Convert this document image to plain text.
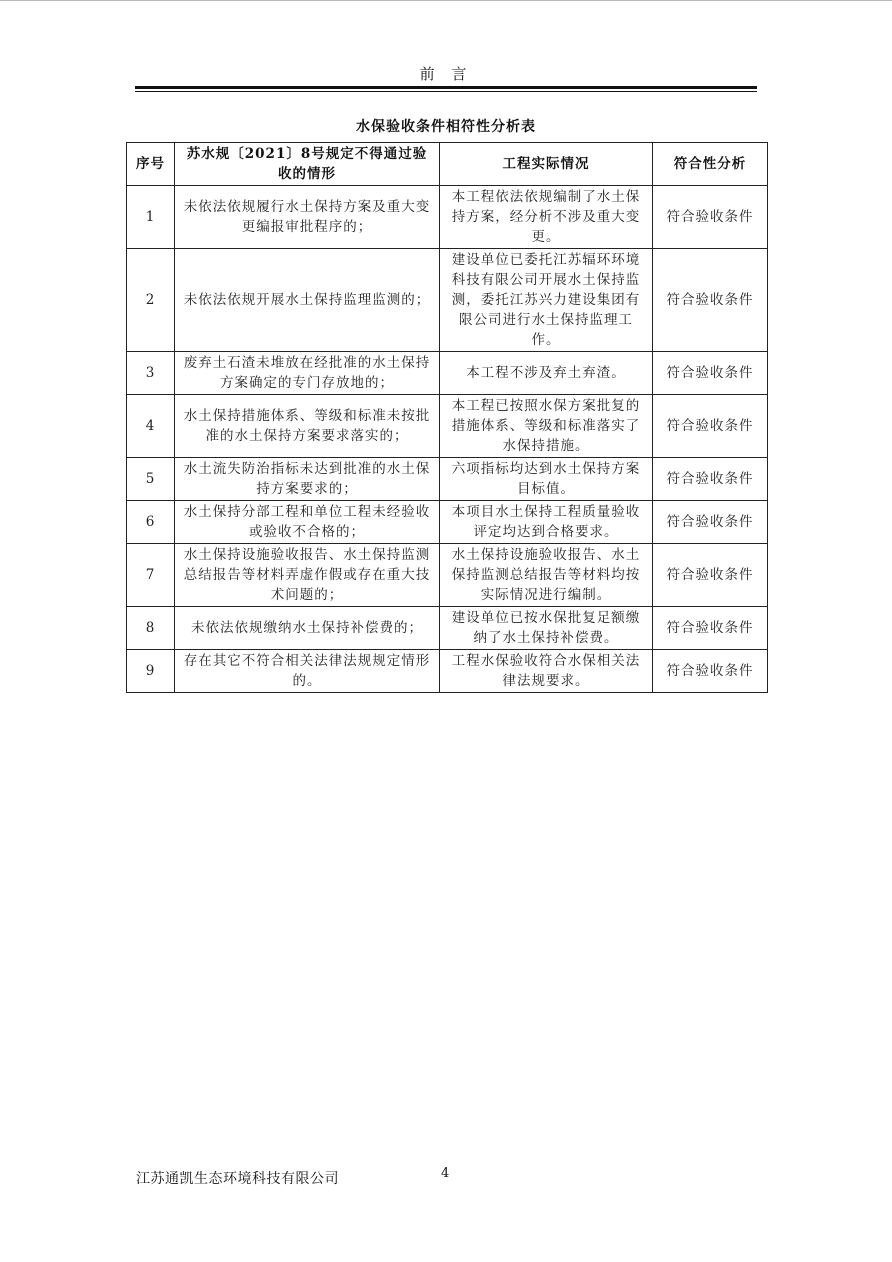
前 言
水保验收条件相符性分析表
序号	苏水规〔2021〕8号规定不得通过验收的情形	工程实际情况	符合性分析
1	未依法依规履行水土保持方案及重大变更编报审批程序的；	本工程依法依规编制了水土保持方案，经分析不涉及重大变更。	符合验收条件
2	未依法依规开展水土保持监理监测的；	建设单位已委托江苏辐环环境科技有限公司开展水土保持监测，委托江苏兴力建设集团有限公司进行水土保持监理工作。	符合验收条件
3	废弃土石渣未堆放在经批准的水土保持方案确定的专门存放地的；	本工程不涉及弃土弃渣。	符合验收条件
4	水土保持措施体系、等级和标准未按批准的水土保持方案要求落实的；	本工程已按照水保方案批复的措施体系、等级和标准落实了水保持措施。	符合验收条件
5	水土流失防治指标未达到批准的水土保持方案要求的；	六项指标均达到水土保持方案目标值。	符合验收条件
6	水土保持分部工程和单位工程未经验收或验收不合格的；	本项目水土保持工程质量验收评定均达到合格要求。	符合验收条件
7	水土保持设施验收报告、水土保持监测总结报告等材料弄虚作假或存在重大技术问题的；	水土保持设施验收报告、水土保持监测总结报告等材料均按实际情况进行编制。	符合验收条件
8	未依法依规缴纳水土保持补偿费的；	建设单位已按水保批复足额缴纳了水土保持补偿费。	符合验收条件
9	存在其它不符合相关法律法规规定情形的。	工程水保验收符合水保相关法律法规要求。	符合验收条件
江苏通凯生态环境科技有限公司	4
